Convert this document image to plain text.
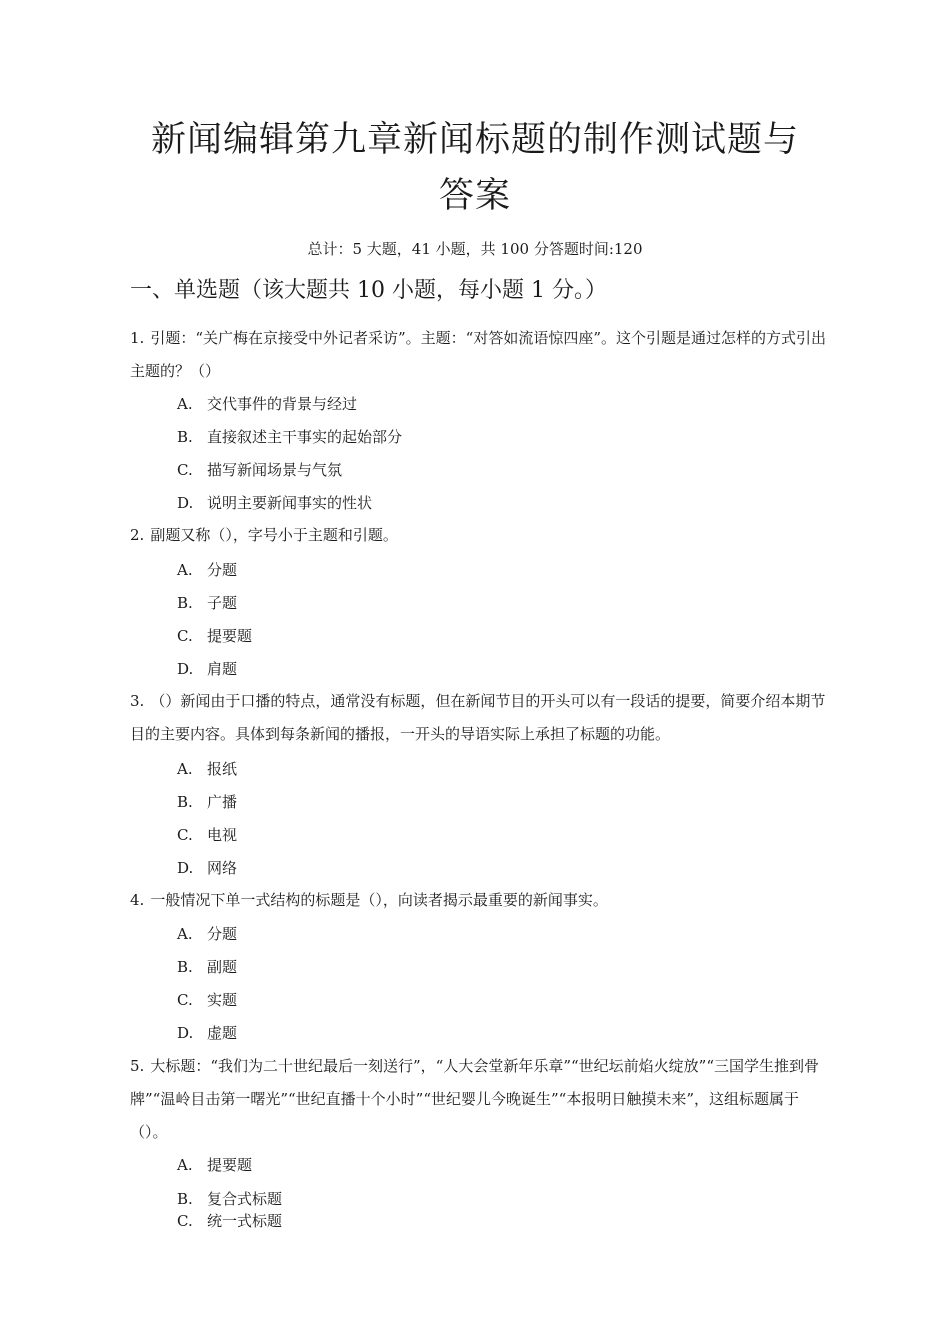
新闻编辑第九章新闻标题的制作测试题与
答案
总计：5 大题，41 小题，共 100 分答题时间:120
一、单选题（该大题共 10 小题，每小题 1 分。）
1. 引题：“关广梅在京接受中外记者采访”。主题：“对答如流语惊四座”。这个引题是通过怎样的方式引出主题的？（）
A. 交代事件的背景与经过
B. 直接叙述主干事实的起始部分
C. 描写新闻场景与气氛
D. 说明主要新闻事实的性状
2. 副题又称（），字号小于主题和引题。
A. 分题
B. 子题
C. 提要题
D. 肩题
3. （）新闻由于口播的特点，通常没有标题，但在新闻节目的开头可以有一段话的提要，简要介绍本期节目的主要内容。具体到每条新闻的播报，一开头的导语实际上承担了标题的功能。
A. 报纸
B. 广播
C. 电视
D. 网络
4. 一般情况下单一式结构的标题是（），向读者揭示最重要的新闻事实。
A. 分题
B. 副题
C. 实题
D. 虚题
5. 大标题：“我们为二十世纪最后一刻送行”，“人大会堂新年乐章”“世纪坛前焰火绽放”“三国学生推到骨牌”“温岭目击第一曙光”“世纪直播十个小时”“世纪婴儿今晚诞生”“本报明日触摸未来”，这组标题属于（）。
A. 提要题
B. 复合式标题
C. 统一式标题
